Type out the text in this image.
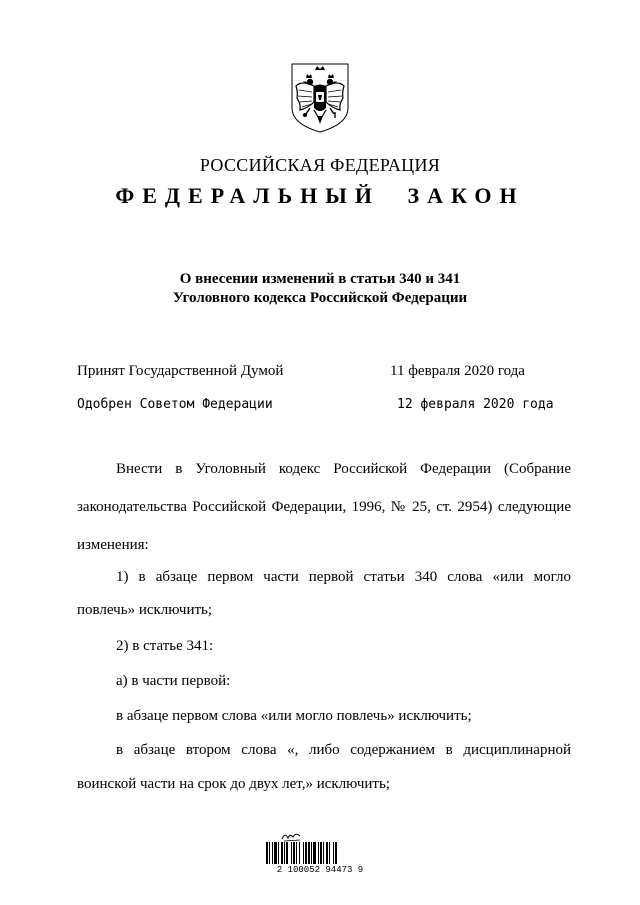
РОССИЙСКАЯ ФЕДЕРАЦИЯ
ФЕДЕРАЛЬНЫЙ ЗАКОН
О внесении изменений в статьи 340 и 341
Уголовного кодекса Российской Федерации
Принят Государственной Думой	11 февраля 2020 года
Одобрен Советом Федерации	12 февраля 2020 года
Внести в Уголовный кодекс Российской Федерации (Собрание
законодательства Российской Федерации, 1996, № 25, ст. 2954) следующие
изменения:
1) в абзаце первом части первой статьи 340 слова «или могло
повлечь» исключить;
2) в статье 341:
а) в части первой:
в абзаце первом слова «или могло повлечь» исключить;
в абзаце втором слова «, либо содержанием в дисциплинарной
воинской части на срок до двух лет,» исключить;
2 100052 94473 9
